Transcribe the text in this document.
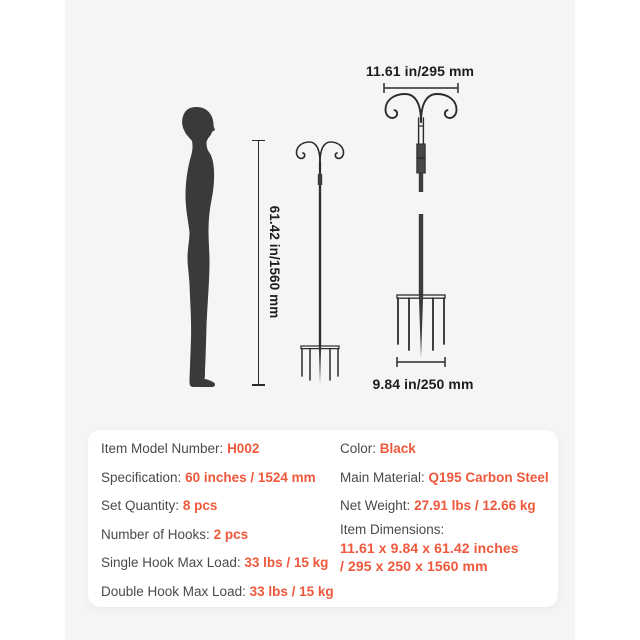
61.42 in/1560 mm
11.61 in/295 mm
9.84 in/250 mm
Item Model Number: H002
Specification: 60 inches / 1524 mm
Set Quantity: 8 pcs
Number of Hooks: 2 pcs
Single Hook Max Load: 33 lbs / 15 kg
Double Hook Max Load: 33 lbs / 15 kg
Color: Black
Main Material: Q195 Carbon Steel
Net Weight: 27.91 lbs / 12.66 kg
Item Dimensions:
11.61 x 9.84 x 61.42 inches
/ 295 x 250 x 1560 mm
